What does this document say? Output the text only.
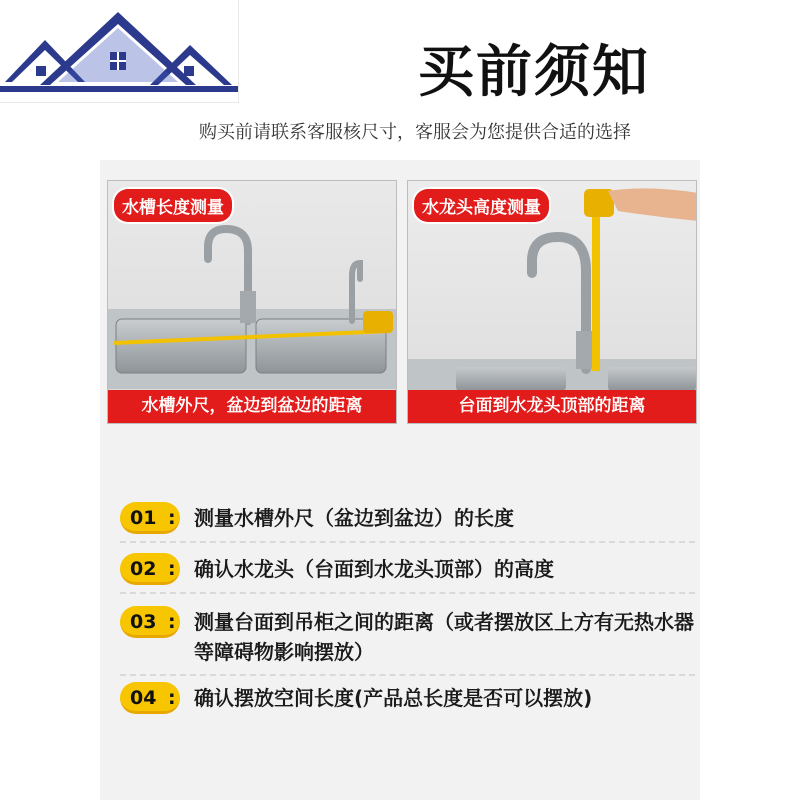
买前须知
购买前请联系客服核尺寸，客服会为您提供合适的选择
水槽长度测量
水槽外尺，盆边到盆边的距离
水龙头高度测量
台面到水龙头顶部的距离
01 : 测量水槽外尺（盆边到盆边）的长度
02 : 确认水龙头（台面到水龙头顶部）的高度
03 : 测量台面到吊柜之间的距离（或者摆放区上方有无热水器等障碍物影响摆放）
04 : 确认摆放空间长度(产品总长度是否可以摆放)
